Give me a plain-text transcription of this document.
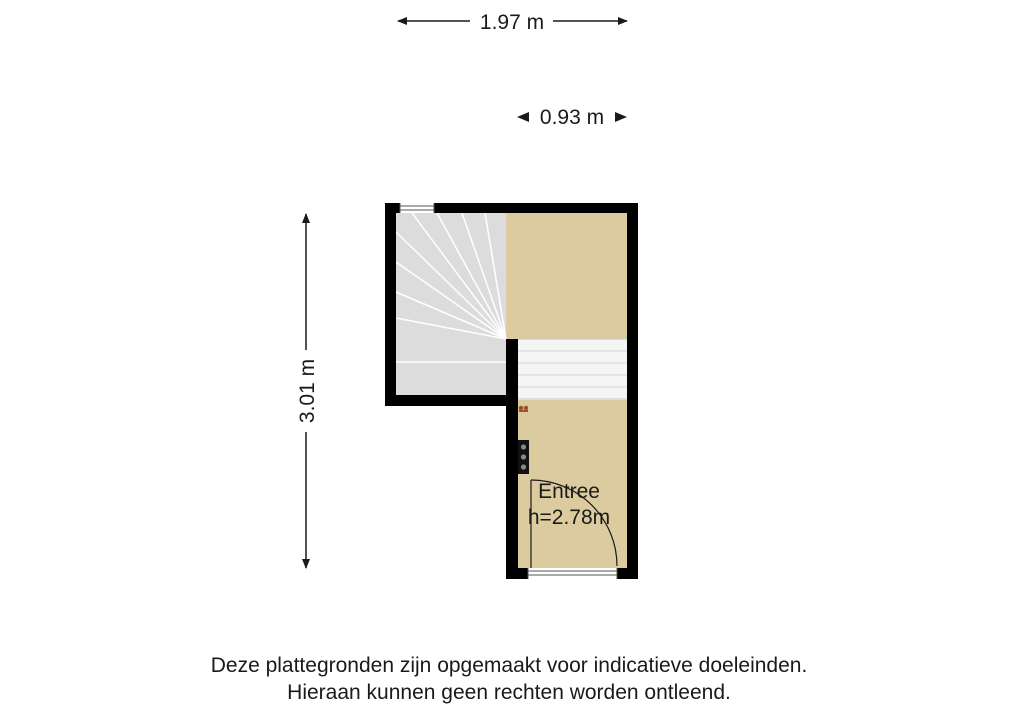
1.97 m
0.93 m
3.01 m
Entree
h=2.78m
Deze plattegronden zijn opgemaakt voor indicatieve doeleinden.
Hieraan kunnen geen rechten worden ontleend.
